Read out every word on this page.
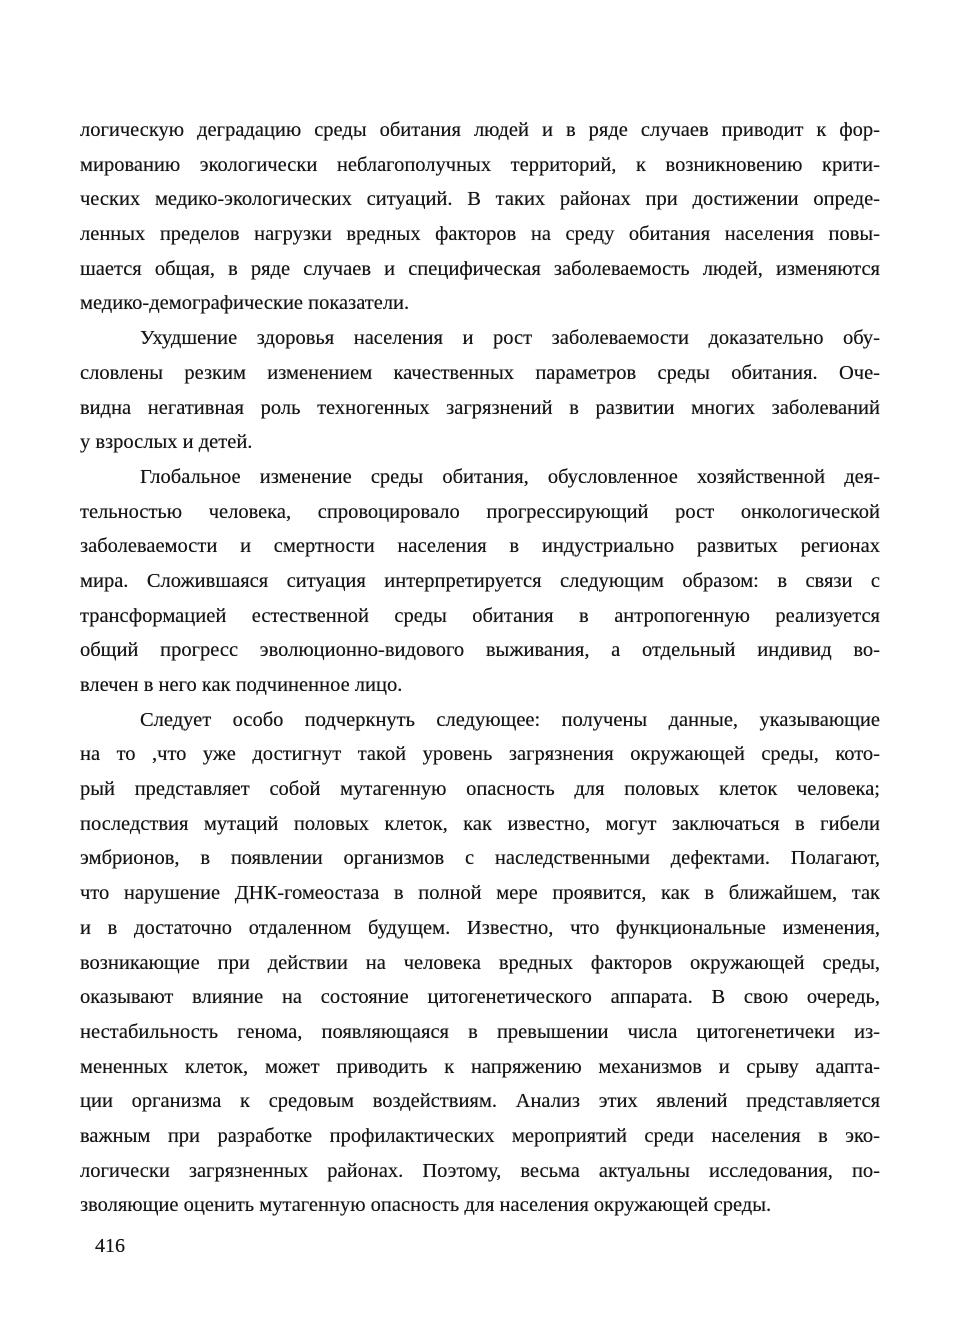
логическую деградацию среды обитания людей и в ряде случаев приводит к фор-
мированию экологически неблагополучных территорий, к возникновению крити-
ческих медико-экологических ситуаций. В таких районах при достижении опреде-
ленных пределов нагрузки вредных факторов на среду обитания населения повы-
шается общая, в ряде случаев и специфическая заболеваемость людей, изменяются
медико-демографические показатели.
Ухудшение здоровья населения и рост заболеваемости доказательно обу-
словлены резким изменением качественных параметров среды обитания. Оче-
видна негативная роль техногенных загрязнений в развитии многих заболеваний
у взрослых и детей.
Глобальное изменение среды обитания, обусловленное хозяйственной дея-
тельностью человека, спровоцировало прогрессирующий рост онкологической
заболеваемости и смертности населения в индустриально развитых регионах
мира. Сложившаяся ситуация интерпретируется следующим образом: в связи с
трансформацией естественной среды обитания в антропогенную реализуется
общий прогресс эволюционно-видового выживания, а отдельный индивид во-
влечен в него как подчиненное лицо.
Следует особо подчеркнуть следующее: получены данные, указывающие
на то ,что уже достигнут такой уровень загрязнения окружающей среды, кото-
рый представляет собой мутагенную опасность для половых клеток человека;
последствия мутаций половых клеток, как известно, могут заключаться в гибели
эмбрионов, в появлении организмов с наследственными дефектами. Полагают,
что нарушение ДНК-гомеостаза в полной мере проявится, как в ближайшем, так
и в достаточно отдаленном будущем. Известно, что функциональные изменения,
возникающие при действии на человека вредных факторов окружающей среды,
оказывают влияние на состояние цитогенетического аппарата. В свою очередь,
нестабильность генома, появляющаяся в превышении числа цитогенетичеки из-
мененных клеток, может приводить к напряжению механизмов и срыву адапта-
ции организма к средовым воздействиям. Анализ этих явлений представляется
важным при разработке профилактических мероприятий среди населения в эко-
логически загрязненных районах. Поэтому, весьма актуальны исследования, по-
зволяющие оценить мутагенную опасность для населения окружающей среды.
416
